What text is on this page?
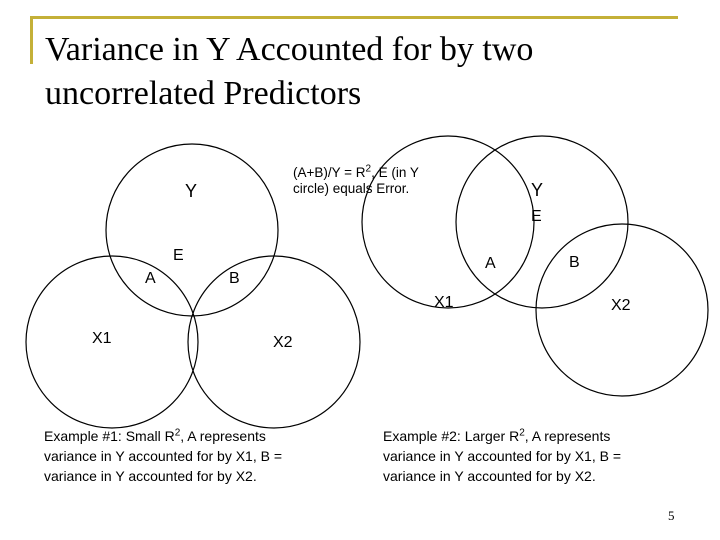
Variance in Y Accounted for by two
uncorrelated Predictors
$(A+B)/Y = R^2$, E (in Y
circle) equals Error.
Y
E
A	B
X1	X2
Y
E
A	B
X1	X2
Example #1: Small $R^2$, A represents
variance in Y accounted for by X1, B =
variance in Y accounted for by X2.
Example #2: Larger $R^2$, A represents
variance in Y accounted for by X1, B =
variance in Y accounted for by X2.
5
